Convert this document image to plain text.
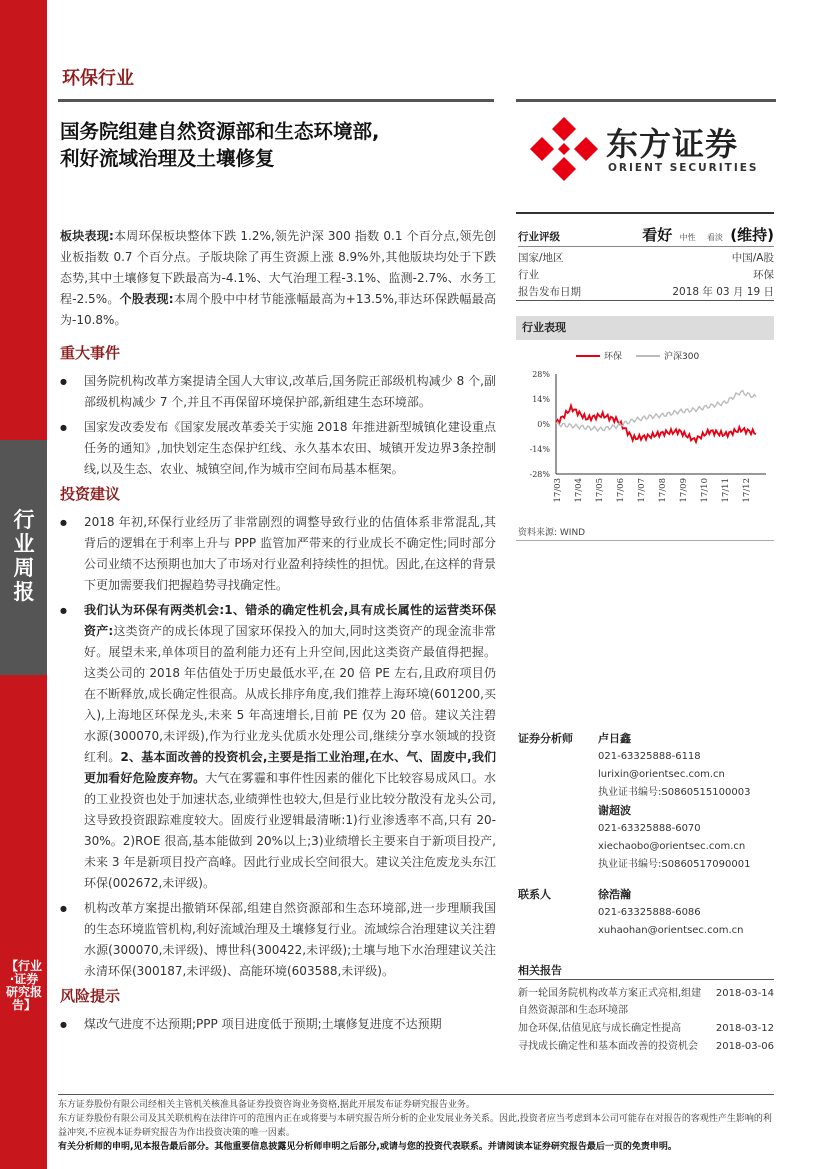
行业周报
【行业·证券研究报告】
环保行业
国务院组建自然资源部和生态环境部,
利好流域治理及土壤修复	东方证券
ORIENT SECURITIES
行业评级	看好 中性 看淡 (维持)
国家/地区	中国/A股
行业	环保
报告发布日期	2018 年 03 月 19 日
行业表现
环保	沪深300
28%
14%
0%
-14%
-28%
17/03 17/04 17/05 17/06 17/07 17/08 17/09 17/10 17/11 17/12
资料来源: WIND

板块表现:本周环保板块整体下跌 1.2%,领先沪深 300 指数 0.1 个百分点,领先创业板指数 0.7 个百分点。子版块除了再生资源上涨 8.9%外,其他版块均处于下跌态势,其中土壤修复下跌最高为-4.1%、大气治理工程-3.1%、监测-2.7%、水务工程-2.5%。个股表现:本周个股中中材节能涨幅最高为+13.5%,菲达环保跌幅最高为-10.8%。

重大事件
● 国务院机构改革方案提请全国人大审议,改革后,国务院正部级机构减少 8 个,副部级机构减少 7 个,并且不再保留环境保护部,新组建生态环境部。
● 国家发改委发布《国家发展改革委关于实施 2018 年推进新型城镇化建设重点任务的通知》,加快划定生态保护红线、永久基本农田、城镇开发边界3条控制线,以及生态、农业、城镇空间,作为城市空间布局基本框架。
投资建议
● 2018 年初,环保行业经历了非常剧烈的调整导致行业的估值体系非常混乱,其背后的逻辑在于利率上升与 PPP 监管加严带来的行业成长不确定性;同时部分公司业绩不达预期也加大了市场对行业盈利持续性的担忧。因此,在这样的背景下更加需要我们把握趋势寻找确定性。
● 我们认为环保有两类机会:1、错杀的确定性机会,具有成长属性的运营类环保资产:这类资产的成长体现了国家环保投入的加大,同时这类资产的现金流非常好。展望未来,单体项目的盈利能力还有上升空间,因此这类资产最值得把握。这类公司的 2018 年估值处于历史最低水平,在 20 倍 PE 左右,且政府项目仍在不断释放,成长确定性很高。从成长排序角度,我们推荐上海环境(601200,买入),上海地区环保龙头,未来 5 年高速增长,目前 PE 仅为 20 倍。建议关注碧水源(300070,未评级),作为行业龙头优质水处理公司,继续分享水领域的投资红利。2、基本面改善的投资机会,主要是指工业治理,在水、气、固废中,我们更加看好危险废弃物。大气在雾霾和事件性因素的催化下比较容易成风口。水的工业投资也处于加速状态,业绩弹性也较大,但是行业比较分散没有龙头公司,这导致投资跟踪难度较大。固废行业逻辑最清晰:1)行业渗透率不高,只有 20-30%。2)ROE 很高,基本能做到 20%以上;3)业绩增长主要来自于新项目投产,未来 3 年是新项目投产高峰。因此行业成长空间很大。建议关注危废龙头东江环保(002672,未评级)。
● 机构改革方案提出撤销环保部,组建自然资源部和生态环境部,进一步理顺我国的生态环境监管机构,利好流域治理及土壤修复行业。流域综合治理建议关注碧水源(300070,未评级)、博世科(300422,未评级);土壤与地下水治理建议关注永清环保(300187,未评级)、高能环境(603588,未评级)。
风险提示
● 煤改气进度不达预期;PPP 项目进度低于预期;土壤修复进度不达预期
证券分析师	卢日鑫
021-63325888-6118
lurixin@orientsec.com.cn
执业证书编号:S0860515100003
谢超波
021-63325888-6070
xiechaobo@orientsec.com.cn
执业证书编号:S0860517090001
联系人	徐浩瀚
021-63325888-6086
xuhaohan@orientsec.com.cn
相关报告
新一轮国务院机构改革方案正式亮相,组建自然资源部和生态环境部
2018-03-14
加仓环保,估值见底与成长确定性提高	2018-03-12
寻找成长确定性和基本面改善的投资机会	2018-03-06
东方证券股份有限公司经相关主管机关核准具备证券投资咨询业务资格,据此开展发布证券研究报告业务。
东方证券股份有限公司及其关联机构在法律许可的范围内正在或将要与本研究报告所分析的企业发展业务关系。因此,投资者应当考虑到本公司可能存在对报告的客观性产生影响的利益冲突,不应视本证券研究报告为作出投资决策的唯一因素。
有关分析师的申明,见本报告最后部分。其他重要信息披露见分析师申明之后部分,或请与您的投资代表联系。并请阅读本证券研究报告最后一页的免责申明。
